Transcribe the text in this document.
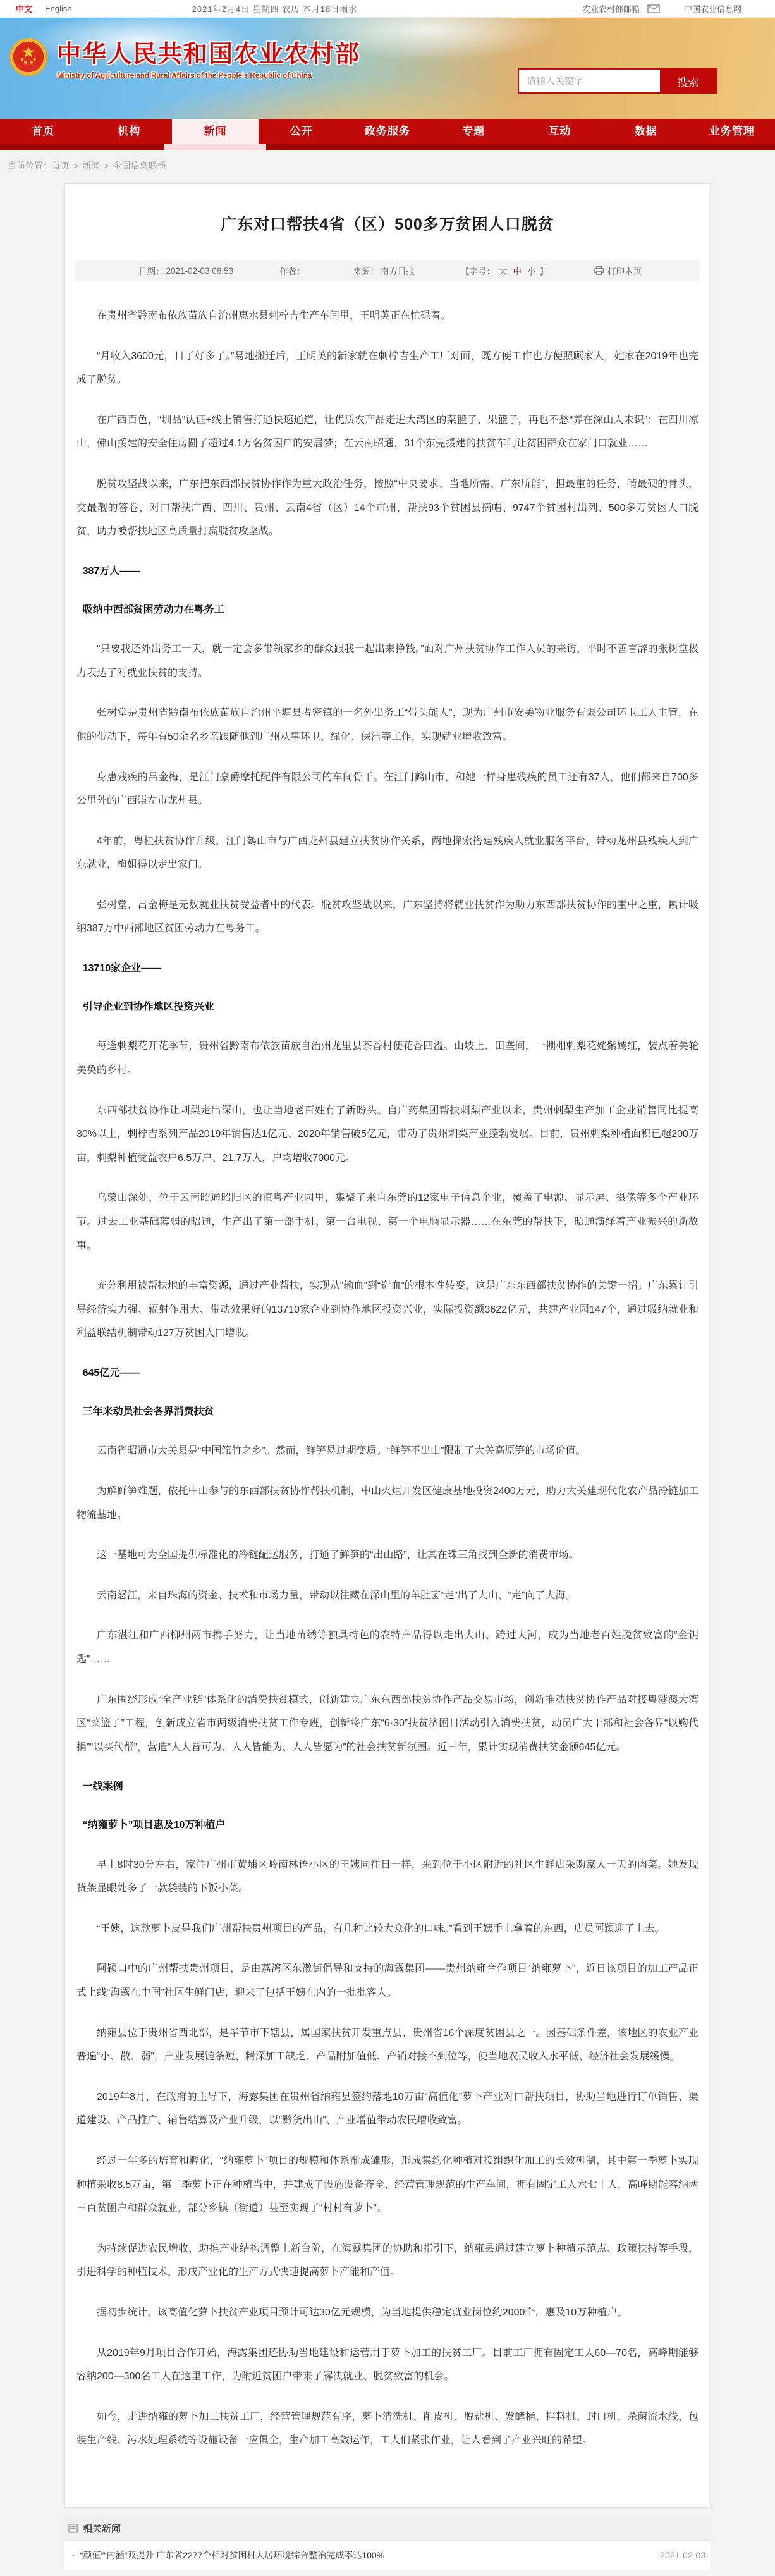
中文 English	2021年2月4日 星期四 农历 本月18日雨水	农业农村部邮箱	中国农业信息网
中华人民共和国农业农村部
Ministry of Agriculture and Rural Affairs of the People's Republic of China
请输入关键字
搜索
首页	机构	新闻	公开	政务服务	专题	互动	数据	业务管理
当前位置：首页 > 新闻 > 全国信息联播
广东对口帮扶4省（区）500多万贫困人口脱贫
日期： 2021-02-03 08:53	作者：	来源： 南方日报	【字号： 大 中 小 】	打印本页

在贵州省黔南布依族苗族自治州惠水县刺柠吉生产车间里，王明英正在忙碌着。

“月收入3600元，日子好多了。”易地搬迁后，王明英的新家就在刺柠吉生产工厂对面，既方便工作也方便照顾家人，她家在2019年也完成了脱贫。

在广西百色，“圳品”认证+线上销售打通快速通道，让优质农产品走进大湾区的菜篮子、果篮子，再也不愁“养在深山人未识”；在四川凉山，佛山援建的安全住房圆了超过4.1万名贫困户的安居梦；在云南昭通，31个东莞援建的扶贫车间让贫困群众在家门口就业……

脱贫攻坚战以来，广东把东西部扶贫协作作为重大政治任务，按照“中央要求、当地所需、广东所能”，担最重的任务，啃最硬的骨头，交最靓的答卷，对口帮扶广西、四川、贵州、云南4省（区）14个市州，帮扶93个贫困县摘帽、9747个贫困村出列、500多万贫困人口脱贫，助力被帮扶地区高质量打赢脱贫攻坚战。

387万人——

吸纳中西部贫困劳动力在粤务工

“只要我还外出务工一天，就一定会多带领家乡的群众跟我一起出来挣钱。”面对广州扶贫协作工作人员的来访，平时不善言辞的张树堂极力表达了对就业扶贫的支持。

张树堂是贵州省黔南布依族苗族自治州平塘县者密镇的一名外出务工“带头能人”，现为广州市安美物业服务有限公司环卫工人主管，在他的带动下，每年有50余名乡亲跟随他到广州从事环卫、绿化、保洁等工作，实现就业增收致富。

身患残疾的吕金梅，是江门豪爵摩托配件有限公司的车间骨干。在江门鹤山市，和她一样身患残疾的员工还有37人，他们都来自700多公里外的广西崇左市龙州县。

4年前，粤桂扶贫协作升级，江门鹤山市与广西龙州县建立扶贫协作关系，两地探索搭建残疾人就业服务平台，带动龙州县残疾人到广东就业，梅姐得以走出家门。

张树堂、吕金梅是无数就业扶贫受益者中的代表。脱贫攻坚战以来，广东坚持将就业扶贫作为助力东西部扶贫协作的重中之重，累计吸纳387万中西部地区贫困劳动力在粤务工。

13710家企业——

引导企业到协作地区投资兴业

每逢刺梨花开花季节，贵州省黔南布依族苗族自治州龙里县茶香村便花香四溢。山坡上、田垄间，一棚棚刺梨花姹紫嫣红，装点着美轮美奂的乡村。

东西部扶贫协作让刺梨走出深山，也让当地老百姓有了新盼头。自广药集团帮扶刺梨产业以来，贵州刺梨生产加工企业销售同比提高30%以上，刺柠吉系列产品2019年销售达1亿元、2020年销售破5亿元，带动了贵州刺梨产业蓬勃发展。目前，贵州刺梨种植面积已超200万亩，刺梨种植受益农户6.5万户、21.7万人，户均增收7000元。

乌蒙山深处，位于云南昭通昭阳区的滇粤产业园里，集聚了来自东莞的12家电子信息企业，覆盖了电源、显示屏、摄像等多个产业环节。过去工业基础薄弱的昭通，生产出了第一部手机、第一台电视、第一个电脑显示器……在东莞的帮扶下，昭通演绎着产业振兴的新故事。

充分利用被帮扶地的丰富资源，通过产业帮扶，实现从“输血”到“造血”的根本性转变，这是广东东西部扶贫协作的关键一招。广东累计引导经济实力强、辐射作用大、带动效果好的13710家企业到协作地区投资兴业，实际投资额3622亿元，共建产业园147个，通过吸纳就业和利益联结机制带动127万贫困人口增收。

645亿元——

三年来动员社会各界消费扶贫

云南省昭通市大关县是“中国筇竹之乡”。然而，鲜笋易过期变质。“鲜笋不出山”限制了大关高原笋的市场价值。

为解鲜笋难题，依托中山参与的东西部扶贫协作帮扶机制，中山火炬开发区健康基地投资2400万元，助力大关建现代化农产品冷链加工物流基地。

这一基地可为全国提供标准化的冷链配送服务，打通了鲜笋的“出山路”，让其在珠三角找到全新的消费市场。

云南怒江，来自珠海的资金、技术和市场力量，带动以往藏在深山里的羊肚菌“走”出了大山、“走”向了大海。

广东湛江和广西柳州两市携手努力，让当地苗绣等独具特色的农特产品得以走出大山、跨过大河，成为当地老百姓脱贫致富的“金钥匙”……

广东围绕形成“全产业链”体系化的消费扶贫模式，创新建立广东东西部扶贫协作产品交易市场，创新推动扶贫协作产品对接粤港澳大湾区“菜篮子”工程，创新成立省市两级消费扶贫工作专班，创新将广东“6·30”扶贫济困日活动引入消费扶贫，动员广大干部和社会各界“以购代捐”“以买代帮”，营造“人人皆可为、人人皆能为、人人皆愿为”的社会扶贫新氛围。近三年，累计实现消费扶贫金额645亿元。

一线案例

“纳雍萝卜”项目惠及10万种植户

早上8时30分左右，家住广州市黄埔区岭南林语小区的王姨同往日一样，来到位于小区附近的社区生鲜店采购家人一天的肉菜。她发现货架显眼处多了一款袋装的下饭小菜。

“王姨，这款萝卜皮是我们广州帮扶贵州项目的产品，有几种比较大众化的口味。”看到王姨手上拿着的东西，店员阿颖迎了上去。

阿颖口中的广州帮扶贵州项目，是由荔湾区东漖街倡导和支持的海露集团——贵州纳雍合作项目“纳雍萝卜”，近日该项目的加工产品正式上线“海露在中国”社区生鲜门店，迎来了包括王姨在内的一批批客人。

纳雍县位于贵州省西北部，是毕节市下辖县，属国家扶贫开发重点县、贵州省16个深度贫困县之一。因基础条件差，该地区的农业产业普遍“小、散、弱”，产业发展链条短、精深加工缺乏、产品附加值低、产销对接不到位等，使当地农民收入水平低、经济社会发展缓慢。

2019年8月，在政府的主导下，海露集团在贵州省纳雍县签约落地10万亩“高值化”萝卜产业对口帮扶项目，协助当地进行订单销售、渠道建设、产品推广、销售结算及产业升级，以“黔货出山”、产业增值带动农民增收致富。

经过一年多的培育和孵化，“纳雍萝卜”项目的规模和体系渐成雏形，形成集约化种植对接组织化加工的长效机制，其中第一季萝卜实现种植采收8.5万亩，第二季萝卜正在种植当中，并建成了设施设备齐全、经营管理规范的生产车间，拥有固定工人六七十人，高峰期能容纳两三百贫困户和群众就业，部分乡镇（街道）甚至实现了“村村有萝卜”。

为持续促进农民增收，助推产业结构调整上新台阶，在海露集团的协助和指引下，纳雍县通过建立萝卜种植示范点、政策扶持等手段，引进科学的种植技术，形成产业化的生产方式快速提高萝卜产能和产值。

据初步统计，该高值化萝卜扶贫产业项目预计可达30亿元规模，为当地提供稳定就业岗位约2000个，惠及10万种植户。

从2019年9月项目合作开始，海露集团还协助当地建设和运营用于萝卜加工的扶贫工厂。目前工厂拥有固定工人60—70名，高峰期能够容纳200—300名工人在这里工作，为附近贫困户带来了解决就业、脱贫致富的机会。

如今，走进纳雍的萝卜加工扶贫工厂，经营管理规范有序，萝卜清洗机、削皮机、脱盐机、发酵桶、拌料机、封口机、杀菌流水线、包装生产线、污水处理系统等设施设备一应俱全，生产加工高效运作，工人们紧张作业，让人看到了产业兴旺的希望。

相关新闻
· “颜值”“内涵”双提升 广东省2277个相对贫困村人居环境综合整治完成率达100%	2021-02-03
